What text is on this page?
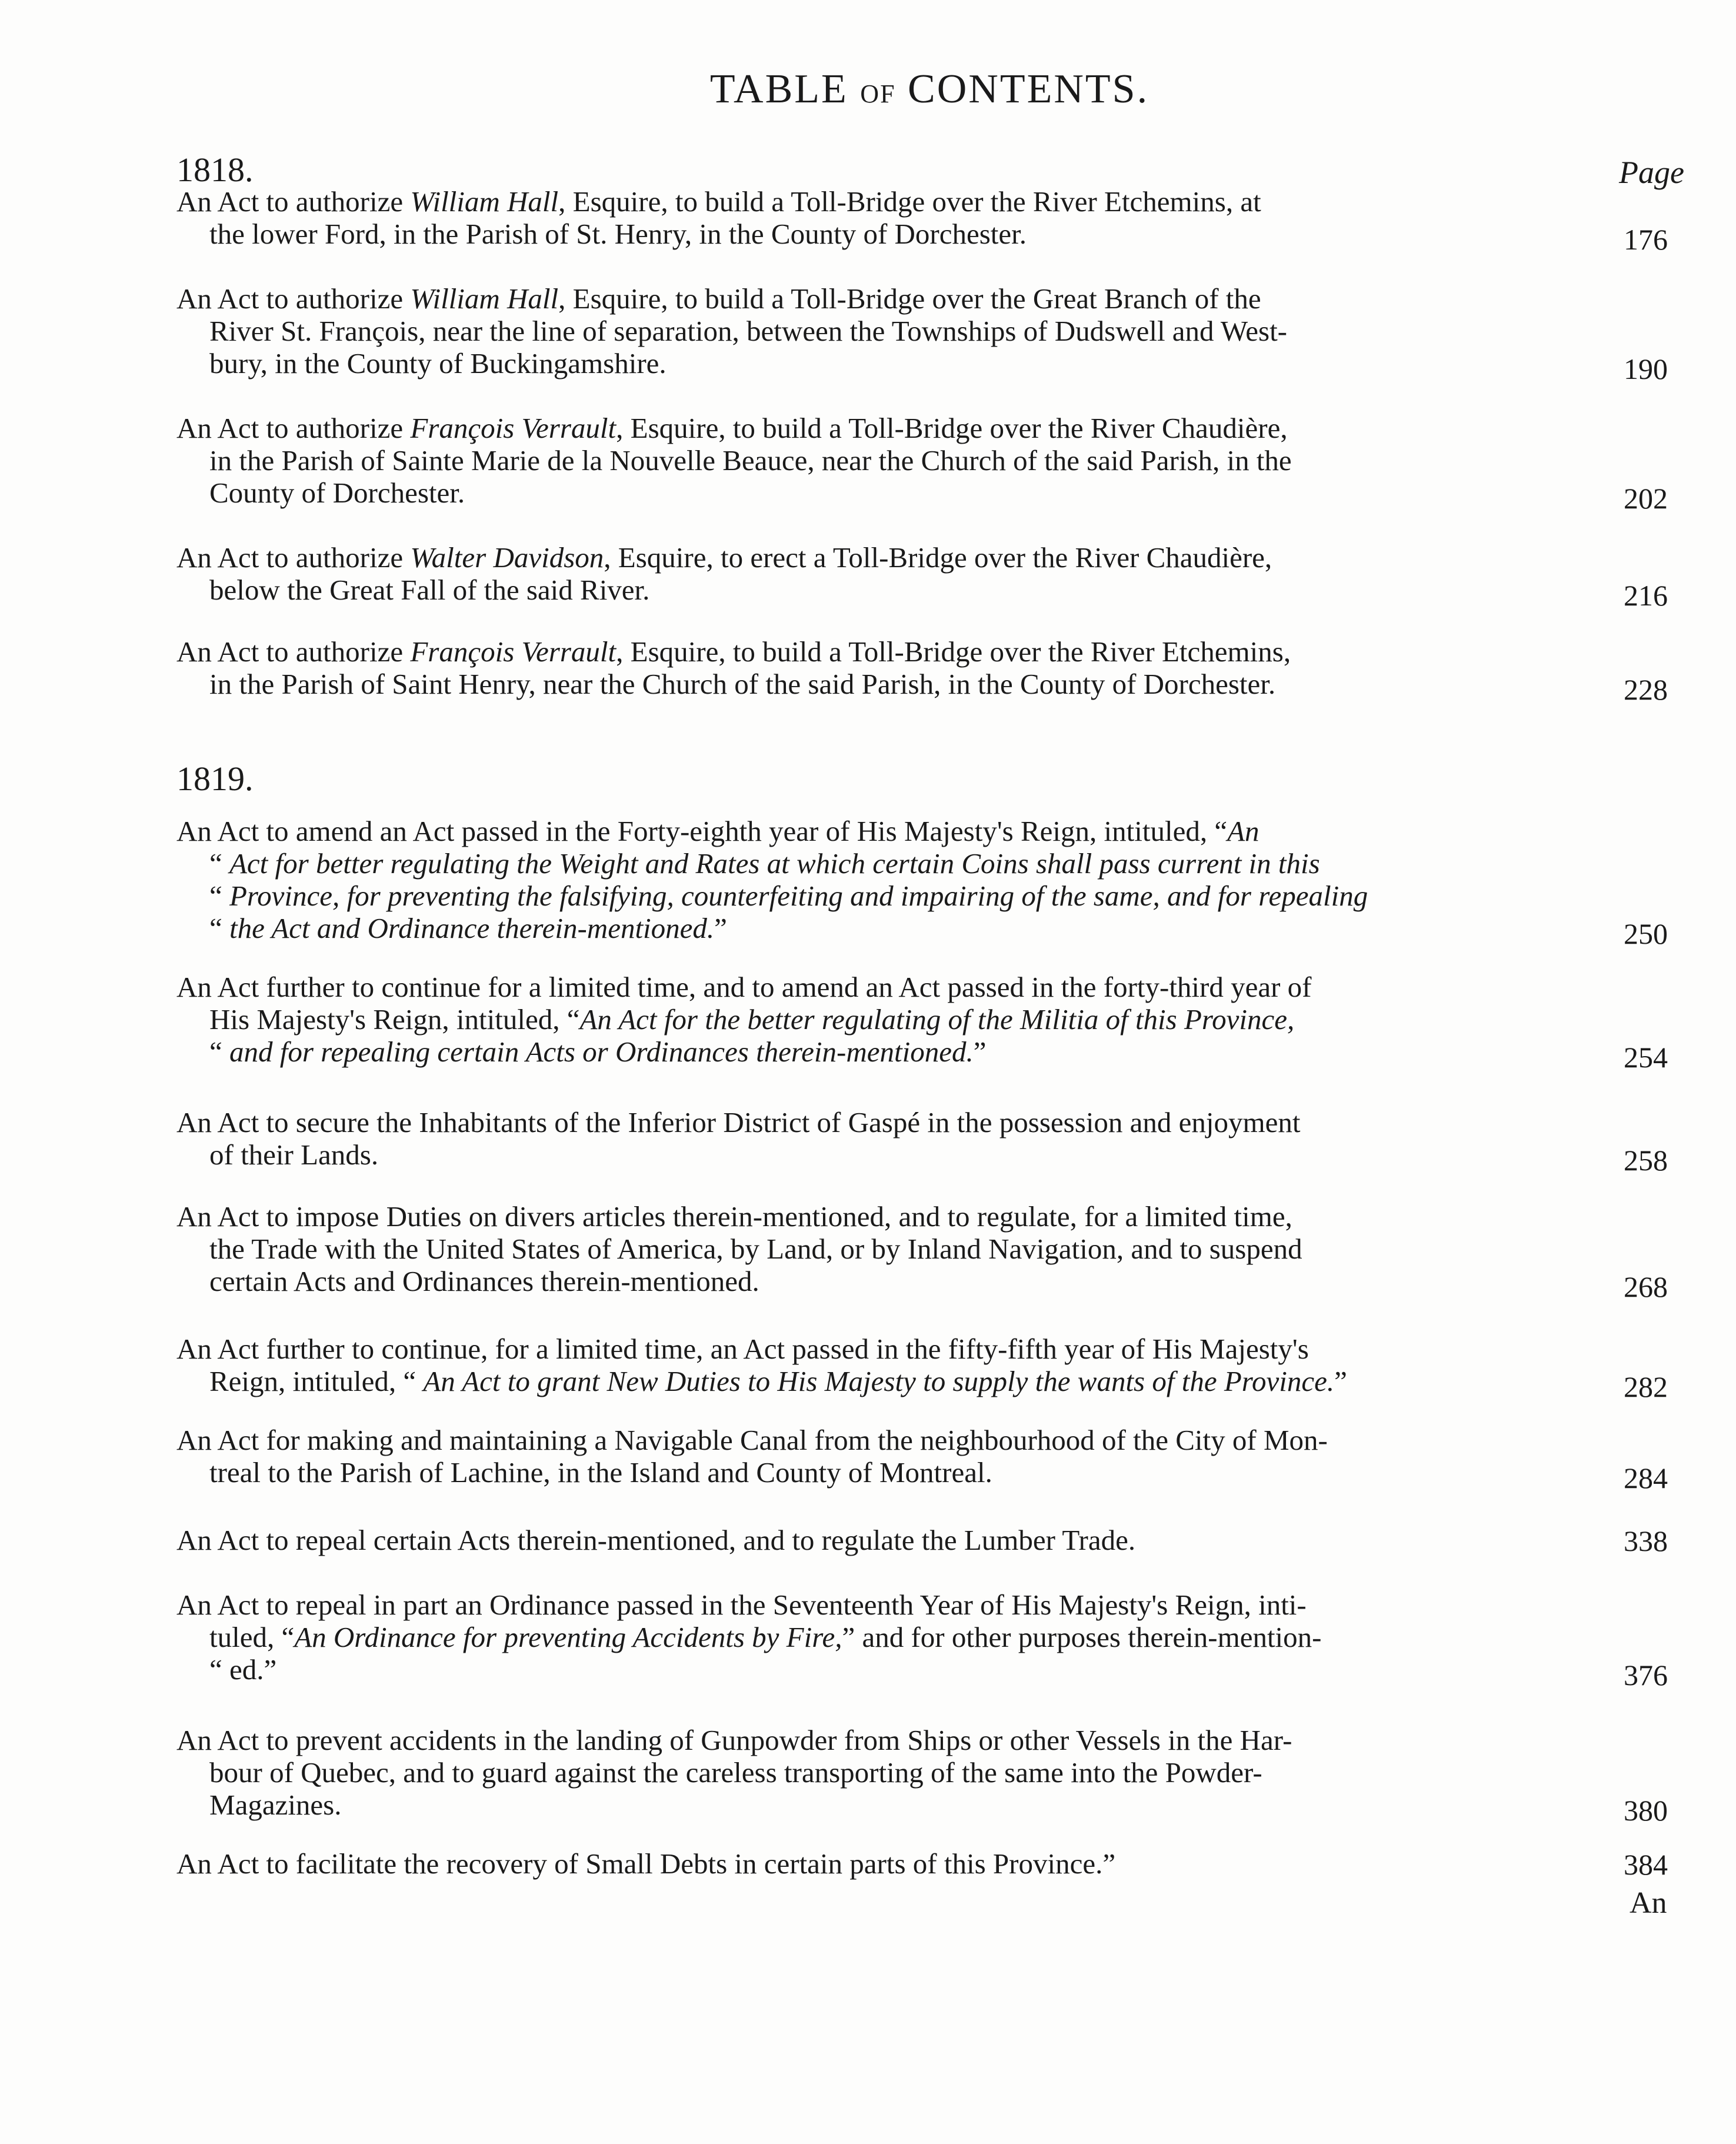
TABLE OF CONTENTS.
Page
1818.
1819.
An Act to authorize William Hall, Esquire, to build a Toll-Bridge over the River Etchemins, at
the lower Ford, in the Parish of St. Henry, in the County of Dorchester.	176
An Act to authorize William Hall, Esquire, to build a Toll-Bridge over the Great Branch of the
River St. François, near the line of separation, between the Townships of Dudswell and West-
bury, in the County of Buckingamshire.	190
An Act to authorize François Verrault, Esquire, to build a Toll-Bridge over the River Chaudière,
in the Parish of Sainte Marie de la Nouvelle Beauce, near the Church of the said Parish, in the
County of Dorchester.	202
An Act to authorize Walter Davidson, Esquire, to erect a Toll-Bridge over the River Chaudière,
below the Great Fall of the said River.	216
An Act to authorize François Verrault, Esquire, to build a Toll-Bridge over the River Etchemins,
in the Parish of Saint Henry, near the Church of the said Parish, in the County of Dorchester.	228
An Act to amend an Act passed in the Forty-eighth year of His Majesty's Reign, intituled, “An
“ Act for better regulating the Weight and Rates at which certain Coins shall pass current in this
“ Province, for preventing the falsifying, counterfeiting and impairing of the same, and for repealing
“ the Act and Ordinance therein-mentioned.”	250
An Act further to continue for a limited time, and to amend an Act passed in the forty-third year of
His Majesty's Reign, intituled, “An Act for the better regulating of the Militia of this Province,
“ and for repealing certain Acts or Ordinances therein-mentioned.”	254
An Act to secure the Inhabitants of the Inferior District of Gaspé in the possession and enjoyment
of their Lands.	258
An Act to impose Duties on divers articles therein-mentioned, and to regulate, for a limited time,
the Trade with the United States of America, by Land, or by Inland Navigation, and to suspend
certain Acts and Ordinances therein-mentioned.	268
An Act further to continue, for a limited time, an Act passed in the fifty-fifth year of His Majesty's
Reign, intituled, “ An Act to grant New Duties to His Majesty to supply the wants of the Province.”	282
An Act for making and maintaining a Navigable Canal from the neighbourhood of the City of Mon-
treal to the Parish of Lachine, in the Island and County of Montreal.	284
An Act to repeal certain Acts therein-mentioned, and to regulate the Lumber Trade.	338
An Act to repeal in part an Ordinance passed in the Seventeenth Year of His Majesty's Reign, inti-
tuled, “An Ordinance for preventing Accidents by Fire,” and for other purposes therein-mention-
“ ed.”	376
An Act to prevent accidents in the landing of Gunpowder from Ships or other Vessels in the Har-
bour of Quebec, and to guard against the careless transporting of the same into the Powder-
Magazines.	380
An Act to facilitate the recovery of Small Debts in certain parts of this Province.”	384
An
